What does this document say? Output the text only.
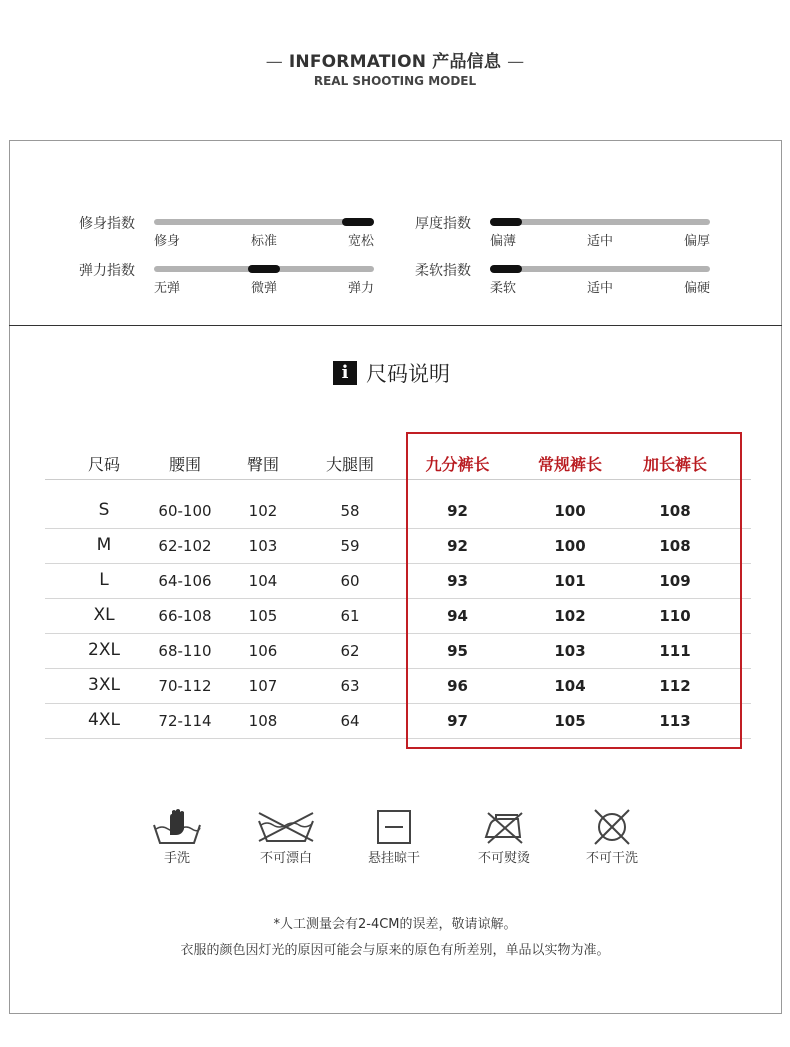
— INFORMATION 产品信息 —
REAL SHOOTING MODEL
修身指数
修身	标准	宽松
厚度指数
偏薄	适中	偏厚
弹力指数
无弹	微弹	弹力
柔软指数
柔软	适中	偏硬
i 尺码说明
尺码	腰围	臀围	大腿围	九分裤长	常规裤长	加长裤长
S	60-100	102	58	92	100	108
M	62-102	103	59	92	100	108
L	64-106	104	60	93	101	109
XL	66-108	105	61	94	102	110
2XL	68-110	106	62	95	103	111
3XL	70-112	107	63	96	104	112
4XL	72-114	108	64	97	105	113
手洗	不可漂白	悬挂晾干	不可熨烫	不可干洗
*人工测量会有2-4CM的误差，敬请谅解。
衣服的颜色因灯光的原因可能会与原来的原色有所差别，单品以实物为准。
